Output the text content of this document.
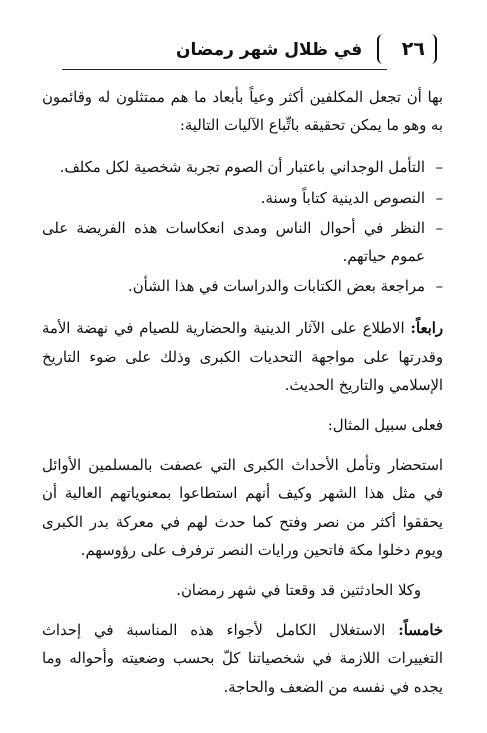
٢٦
في ظلال شهر رمضان

بها أن تجعل المكلفين أكثر وعياً بأبعاد ما هم ممتثلون له وقائمون به وهو ما يمكن تحقيقه باتِّباع الآليات التالية:

–
التأمل الوجداني باعتبار أن الصوم تجربة شخصية لكل مكلف.
–
النصوص الدينية كتاباً وسنة.
–
النظر في أحوال الناس ومدى انعكاسات هذه الفريضة على عموم حياتهم.
–
مراجعة بعض الكتابات والدراسات في هذا الشأن.

رابعاً: الاطلاع على الآثار الدينية والحضارية للصيام في نهضة الأمة وقدرتها على مواجهة التحديات الكبرى وذلك على ضوء التاريخ الإسلامي والتاريخ الحديث.

فعلى سبيل المثال:

استحضار وتأمل الأحداث الكبرى التي عصفت بالمسلمين الأوائل في مثل هذا الشهر وكيف أنهم استطاعوا بمعنوياتهم العالية أن يحققوا أكثر من نصر وفتح كما حدث لهم في معركة بدر الكبرى ويوم دخلوا مكة فاتحين ورايات النصر ترفرف على رؤوسهم.

وكلا الحادثتين قد وقعتا في شهر رمضان.

خامساً: الاستغلال الكامل لأجواء هذه المناسبة في إحداث التغييرات اللازمة في شخصياتنا كلّ بحسب وضعيته وأحواله وما يجده في نفسه من الضعف والحاجة.
